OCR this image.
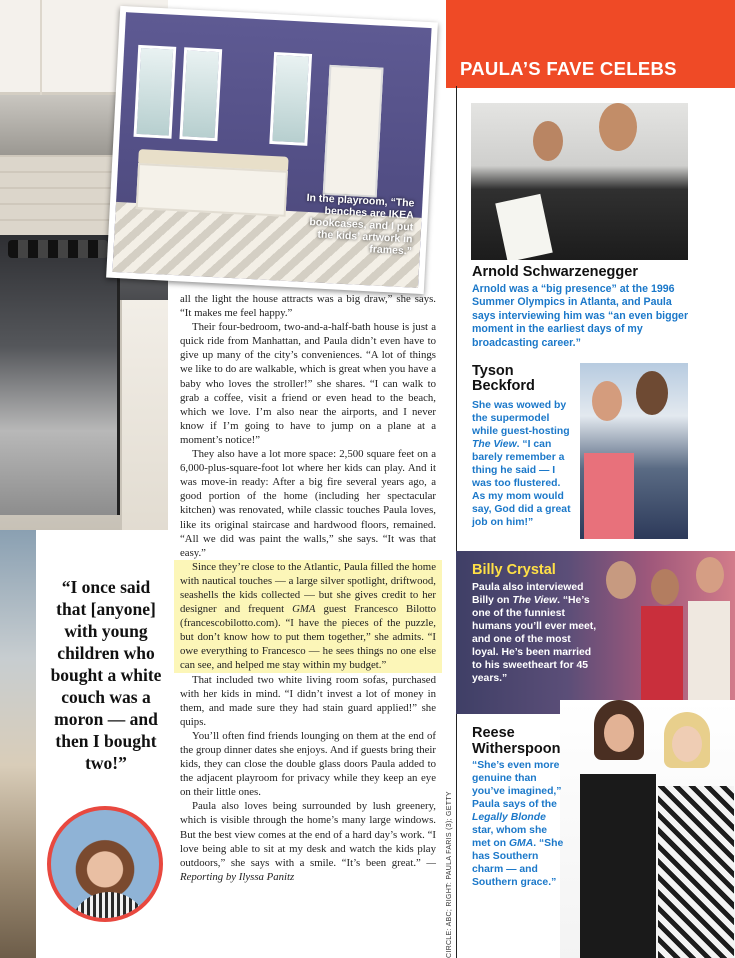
In the playroom, “The benches are IKEA bookcases, and I put the kids’ artwork in frames.”
“I once said that [anyone] with young children who bought a white couch was a moron — and then I bought two!”

all the light the house attracts was a big draw,” she says. “It makes me feel happy.”

Their four-bedroom, two-and-a-half-bath house is just a quick ride from Manhattan, and Paula didn’t even have to give up many of the city’s conveniences. “A lot of things we like to do are walkable, which is great when you have a baby who loves the stroller!” she shares. “I can walk to grab a coffee, visit a friend or even head to the beach, which we love. I’m also near the airports, and I never know if I’m going to have to jump on a plane at a moment’s notice!”

They also have a lot more space: 2,500 square feet on a 6,000-plus-square-foot lot where her kids can play. And it was move-in ready: After a big fire several years ago, a good portion of the home (including her spectacular kitchen) was renovated, while classic touches Paula loves, like its original staircase and hardwood floors, remained. “All we did was paint the walls,” she says. “It was that easy.”

Since they’re close to the Atlantic, Paula filled the home with nautical touches — a large silver spotlight, driftwood, seashells the kids collected — but she gives credit to her designer and frequent GMA guest Francesco Bilotto (francescobilotto.com). “I have the pieces of the puzzle, but don’t know how to put them together,” she admits. “I owe everything to Francesco — he sees things no one else can see, and helped me stay within my budget.”

That included two white living room sofas, purchased with her kids in mind. “I didn’t invest a lot of money in them, and made sure they had stain guard applied!” she quips.

You’ll often find friends lounging on them at the end of the group dinner dates she enjoys. And if guests bring their kids, they can close the double glass doors Paula added to the adjacent playroom for privacy while they keep an eye on their little ones.

Paula also loves being surrounded by lush greenery, which is visible through the home’s many large windows. But the best view comes at the end of a hard day’s work. “I love being able to sit at my desk and watch the kids play outdoors,” she says with a smile. “It’s been great.” —Reporting by Ilyssa Panitz	CIRCLE: ABC; RIGHT: PAULA FARIS (3); GETTY
PAULA’S FAVE CELEBS
Arnold Schwarzenegger
Arnold was a “big presence” at the 1996 Summer Olympics in Atlanta, and Paula says interviewing him was “an even bigger moment in the earliest days of my broadcasting career.”
Tyson Beckford
She was wowed by the supermodel while guest-hosting The View. “I can barely remember a thing he said — I was too flustered. As my mom would say, God did a great job on him!”
Billy Crystal
Paula also interviewed Billy on The View. “He’s one of the funniest humans you’ll ever meet, and one of the most loyal. He’s been married to his sweetheart for 45 years.”
Reese Witherspoon
“She’s even more genuine than you’ve imagined,” Paula says of the Legally Blonde star, whom she met on GMA. “She has Southern charm — and Southern grace.”
